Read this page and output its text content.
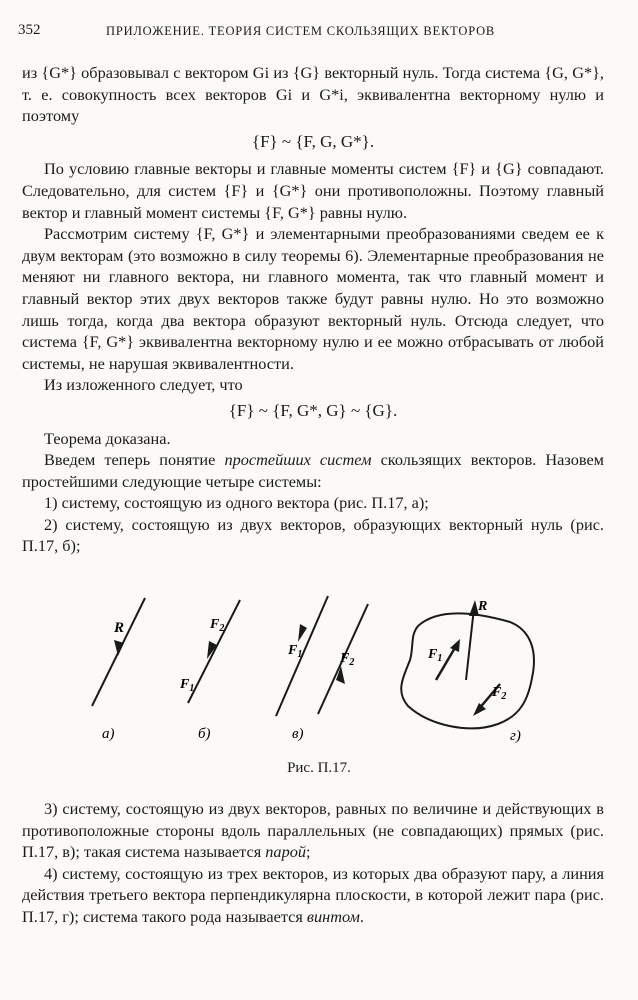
352	ПРИЛОЖЕНИЕ. ТЕОРИЯ СИСТЕМ СКОЛЬЗЯЩИХ ВЕКТОРОВ

из {G*} образовывал с вектором Gi из {G} векторный нуль. Тогда система {G, G*}, т. е. совокупность всех векторов Gi и G*i, эквивалентна векторному нулю и поэтому

{F} ~ {F, G, G*}.

По условию главные векторы и главные моменты систем {F} и {G} совпадают. Следовательно, для систем {F} и {G*} они противоположны. Поэтому главный вектор и главный момент системы {F, G*} равны нулю.

Рассмотрим систему {F, G*} и элементарными преобразованиями сведем ее к двум векторам (это возможно в силу теоремы 6). Элементарные преобразования не меняют ни главного вектора, ни главного момента, так что главный момент и главный вектор этих двух векторов также будут равны нулю. Но это возможно лишь тогда, когда два вектора образуют векторный нуль. Отсюда следует, что система {F, G*} эквивалентна векторному нулю и ее можно отбрасывать от любой системы, не нарушая эквивалентности.

Из изложенного следует, что

{F} ~ {F, G*, G} ~ {G}.

Теорема доказана.

Введем теперь понятие простейших систем скользящих векторов. Назовем простейшими следующие четыре системы:

1) систему, состоящую из одного вектора (рис. П.17, а);

2) систему, состоящую из двух векторов, образующих векторный нуль (рис. П.17, б);

R
а)
$F_2$
$F_1$
б)
$F_1$	$F_2$
в)
R
$F_1$
$F_2$
г)
Рис. П.17.

3) систему, состоящую из двух векторов, равных по величине и действующих в противоположные стороны вдоль параллельных (не совпадающих) прямых (рис. П.17, в); такая система называется парой;

4) систему, состоящую из трех векторов, из которых два образуют пару, а линия действия третьего вектора перпендикулярна плоскости, в которой лежит пара (рис. П.17, г); система такого рода называется винтом.
